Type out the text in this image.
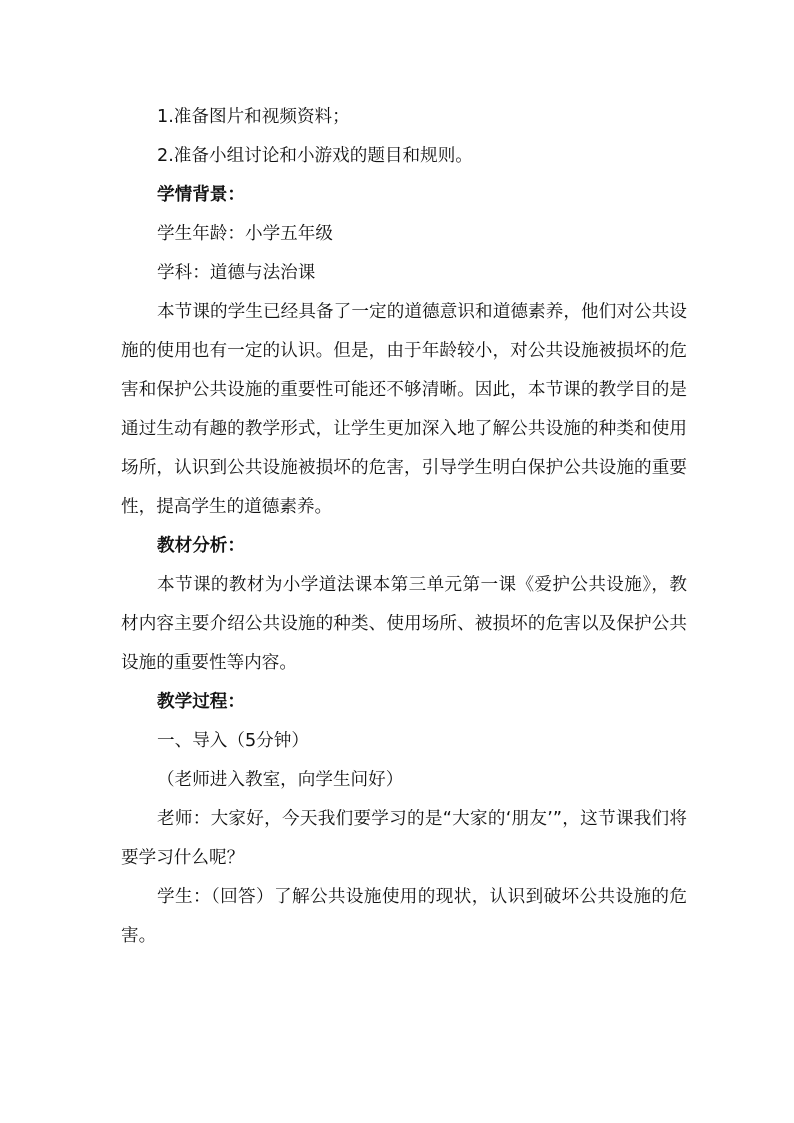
1.准备图片和视频资料；

2.准备小组讨论和小游戏的题目和规则。

学情背景：

学生年龄：小学五年级

学科：道德与法治课

本节课的学生已经具备了一定的道德意识和道德素养，他们对公共设施的使用也有一定的认识。但是，由于年龄较小，对公共设施被损坏的危害和保护公共设施的重要性可能还不够清晰。因此，本节课的教学目的是通过生动有趣的教学形式，让学生更加深入地了解公共设施的种类和使用场所，认识到公共设施被损坏的危害，引导学生明白保护公共设施的重要性，提高学生的道德素养。

教材分析：

本节课的教材为小学道法课本第三单元第一课《爱护公共设施》，教材内容主要介绍公共设施的种类、使用场所、被损坏的危害以及保护公共设施的重要性等内容。

教学过程：

一、导入（5分钟）

（老师进入教室，向学生问好）

老师：大家好，今天我们要学习的是“大家的‘朋友’”，这节课我们将要学习什么呢？

学生：（回答）了解公共设施使用的现状，认识到破坏公共设施的危害。
